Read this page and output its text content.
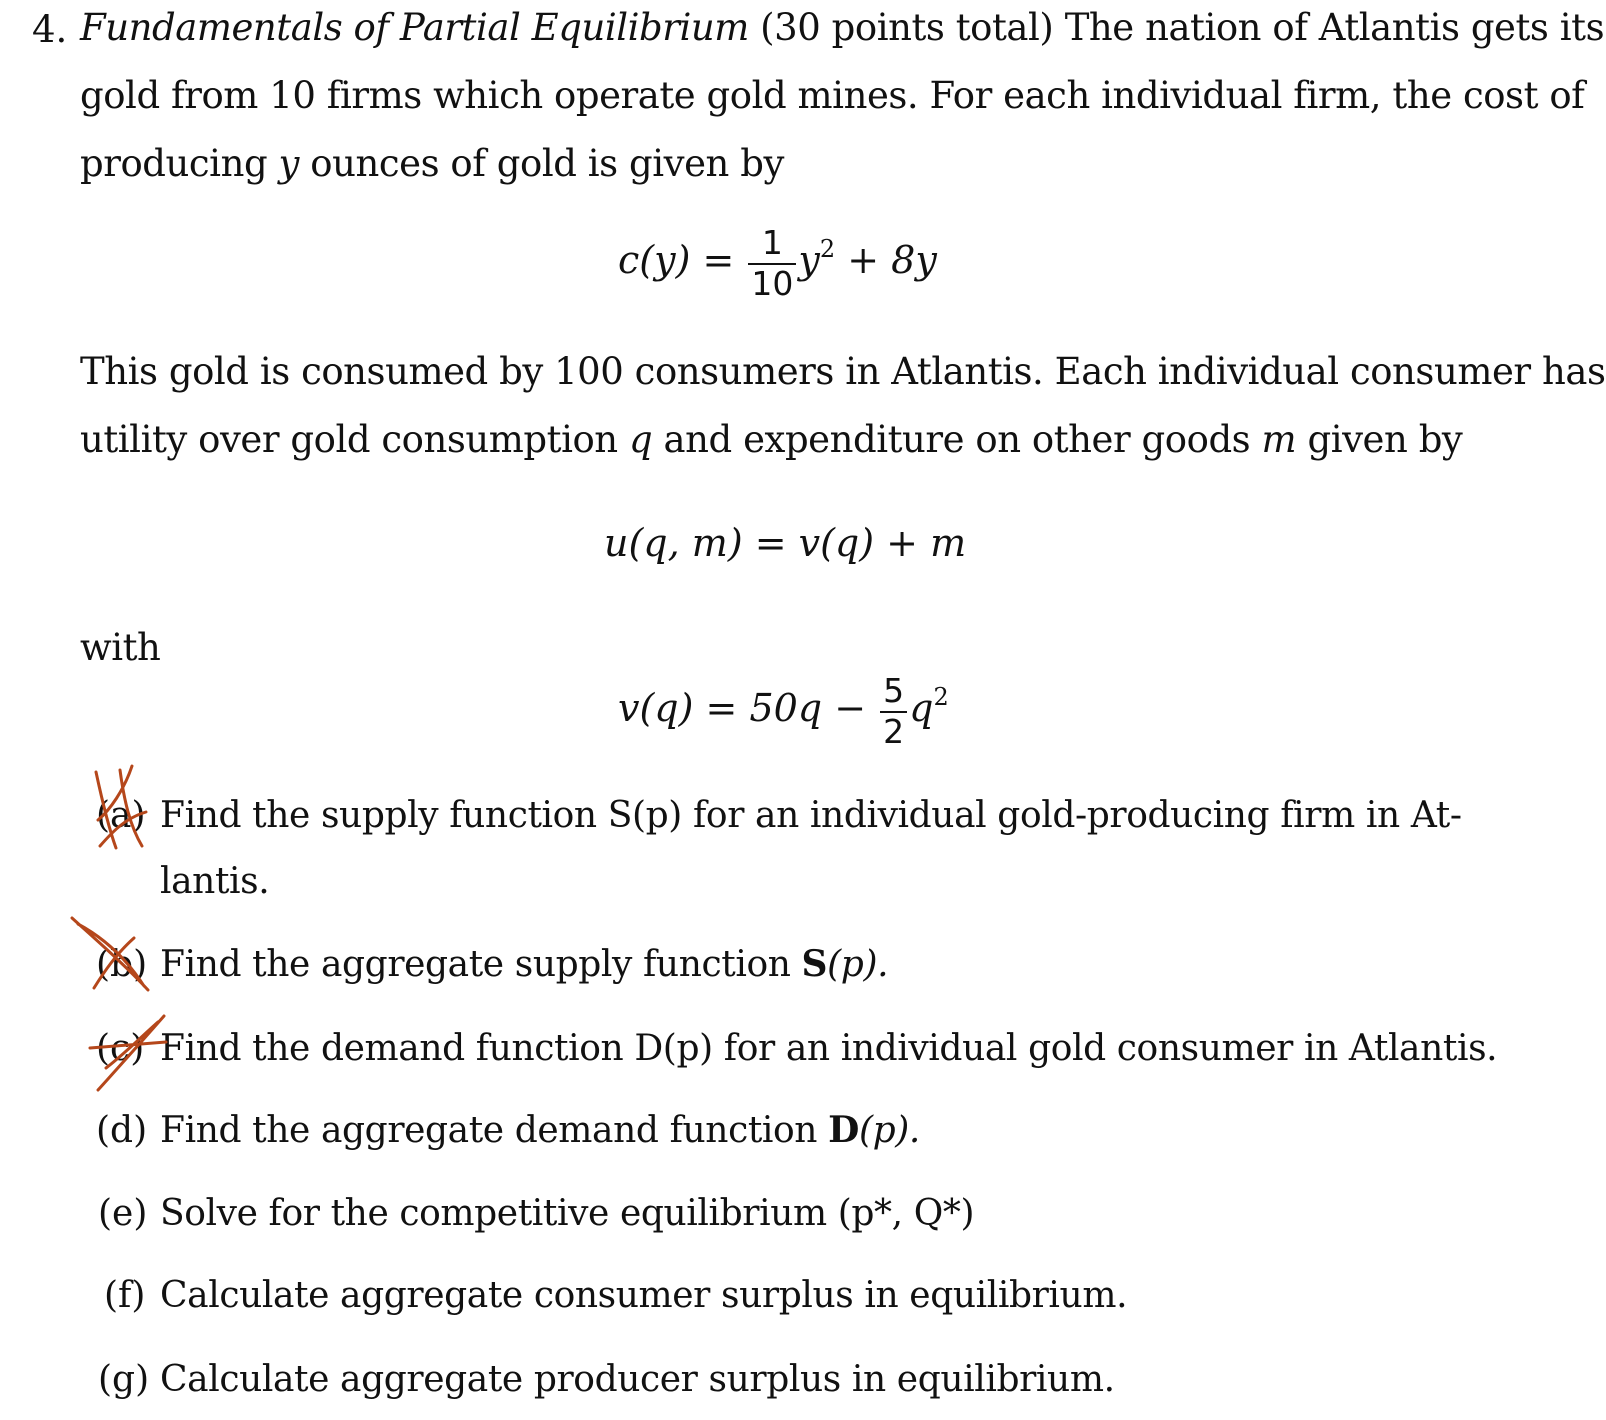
4. Fundamentals of Partial Equilibrium (30 points total) The nation of Atlantis gets its
gold from 10 firms which operate gold mines. For each individual firm, the cost of
producing y ounces of gold is given by
$c(y) = \frac{1}{10} y^2 + 8y$
This gold is consumed by 100 consumers in Atlantis. Each individual consumer has
utility over gold consumption q and expenditure on other goods m given by
u(q, m) = v(q) + m
with
$v(q) = 50q - \frac{5}{2} q^2$
(a) Find the supply function S(p) for an individual gold-producing firm in At-
lantis.
(b) Find the aggregate supply function S(p).
(c) Find the demand function D(p) for an individual gold consumer in Atlantis.
(d) Find the aggregate demand function D(p).
(e) Solve for the competitive equilibrium (p*, Q*)
(f) Calculate aggregate consumer surplus in equilibrium.
(g) Calculate aggregate producer surplus in equilibrium.
